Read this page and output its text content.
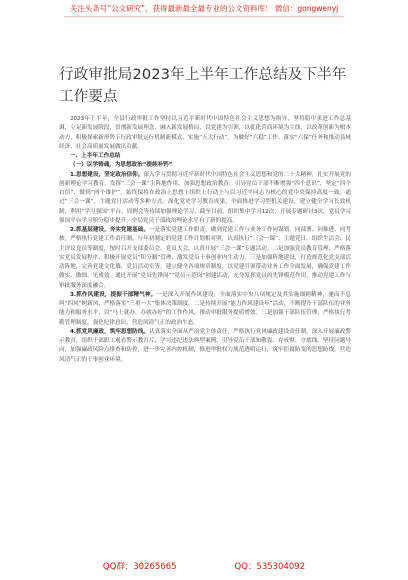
关注头条号“公文研究”，获得最新最全最专业的公文资料库！ 微信：gongwenyj
行政审批局2023年上半年工作总结及下半年工作要点

2023年上半年，全县行政审批工作坚持以习近平新时代中国特色社会主义思想为指导，坚持稳中求进工作总基调，立足新发展阶段，贯彻新发展理念，融入新发展格局，以党建为引领，以优化营商环境为主线，以改革创新为根本动力，积极探索新形势下行政审批运行机制新模式，实施“五大行动”，为做好“六稳”工作、落实“六保”任务和推动县域经济、社会高质量发展做出贡献。

一、上半年工作总结

（一）以学铸魂，为思想政治“提纯补钙”

1.思想建设，坚定政治信仰。深入学习贯彻习近平新时代中国特色社会主义思想和党的二十大精神，扎实开展党的创新理论学习教育，发挥“三会一课”主阵地作用，加强思想政治教育，引导党员干部不断增强“四个意识”、坚定“四个自信”、做到“两个维护”。始终保持在政治上思想上组织上行动上与以习近平同志为核心的党中央保持高度一致。通过“三会一课”、主题党日活动等多种方式，深化党史学习教育成果，全面推进学习型机关建设，建立健全学习长效机制，利用“学习强国”平台、周例会等持续加强理论学习。截至目前，组织集中学习12次，开展专题研讨3次，党员学习强国平台学习积分稳步提升，全局党员干部政治理论水平有了新的提高。

2.抓基层建设，夯实党建基础。一是落实党建工作职责，做到党建工作与业务工作同谋划、同部署、同推进、同考核。严格执行党建工作责任制，与年初制定的党建工作计划相对照，认真执行“三会一课”、主题党日、组织生活会、民主评议党员等制度，按时召开支部委员会、党员大会，认真开展“三会一课”专题活动。二是加强党员教育管理，严格落实党员发展程序，积极开展党员“积分制”管理，激发党员干事创业内生动力。三是加强阵地建设，打造规范化党支部活动阵地，完善党建文化墙、党员活动室等，建立健全各项规章制度，以党建引领带动业务工作全面发展，确保党建工作做实、做细、见成效。通过开展“党员先锋岗”“党员示范岗”创建活动，充分发挥党员的先锋模范作用，推动党建工作与审批服务深度融合。

3.抓作风建设，提振干部精气神。一是深入开展作风建设，全面落实中央八项规定及其实施细则精神，驰而不息纠“四风”树新风，严格落实“三重一大”集体决策制度。二是持续开展“能力作风建设年”活动，不断提升干部队伍的业务能力和服务水平，以“马上就办、办就办好”的工作作风，推动审批服务提质增效。三是加强干部队伍管理，严格执行考勤管理制度，强化纪律意识，营造风清气正的政治生态。

4.抓党风廉政，筑牢思想防线。认真落实全面从严治党主体责任，严格执行党风廉政建设责任制，深入开展廉政警示教育，组织干部职工观看警示教育片，学习违纪违法典型案例，引导党员干部知敬畏、存戒惧、守底线。坚持问题导向，加强廉政风险点排查和防控，进一步完善内控机制，推进审批权力规范透明运行，筑牢拒腐防变的思想防线，营造风清气正的干事创业环境。

QQ群：30265665	QQ：535304092
